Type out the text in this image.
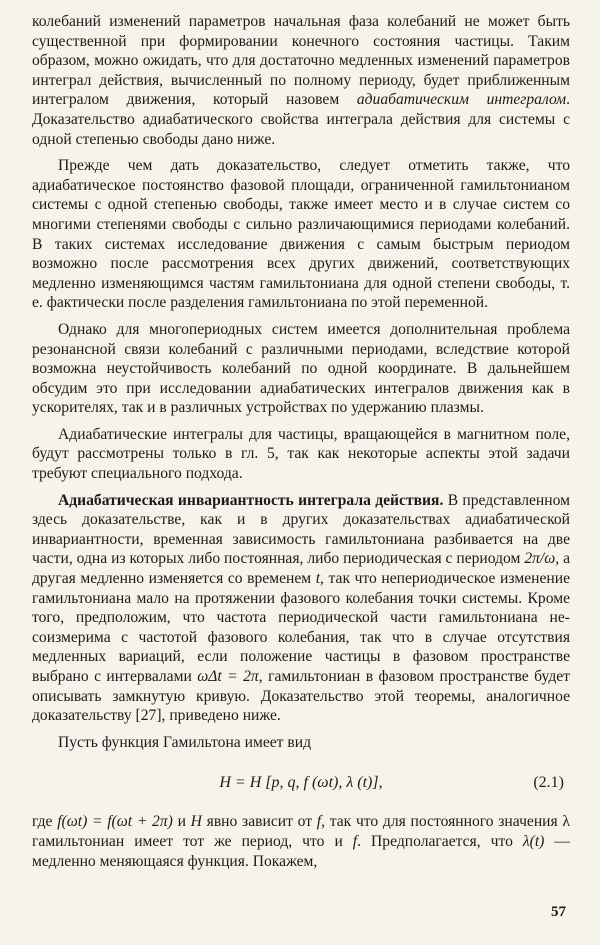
колебаний изменений параметров начальная фаза колебаний не может быть существенной при формировании конечного состояния частицы. Таким образом, можно ожидать, что для достаточно медленных изменений параметров интеграл действия, вычисленный по полному периоду, будет приближенным интегралом движения, который назовем адиабатическим интегралом. Доказательство адиабатического свойства интеграла действия для системы с одной степенью свободы дано ниже.

Прежде чем дать доказательство, следует отметить также, что адиабатическое постоянство фазовой площади, ограниченной гамильтонианом системы с одной степенью свободы, также имеет место и в случае систем со многими степенями свободы с сильно различающимися периодами колебаний. В таких системах исследование движения с самым быстрым периодом возможно после рассмотрения всех других движений, соответствующих медленно изменяющимся частям гамильтониана для одной степени свободы, т. е. фактически после разделения гамильтониана по этой переменной.

Однако для многопериодных систем имеется дополнительная проблема резонансной связи колебаний с различными периодами, вследствие которой возможна неустойчивость колебаний по одной координате. В дальнейшем обсудим это при исследовании адиабатических интегралов движения как в ускорителях, так и в различных устройствах по удержанию плазмы.

Адиабатические интегралы для частицы, вращающейся в магнитном поле, будут рассмотрены только в гл. 5, так как некоторые аспекты этой задачи требуют специального подхода.

Адиабатическая инвариантность интеграла действия. В представленном здесь доказательстве, как и в других доказательствах адиабатической инвариантности, временная зависимость гамильтониана разбивается на две части, одна из которых либо постоянная, либо периодическая с периодом 2π/ω, а другая медленно изменяется со временем t, так что непериодическое изменение гамильтониана мало на протяжении фазового колебания точки системы. Кроме того, предположим, что частота периодической части гамильтониана несоизмерима с частотой фазового колебания, так что в случае отсутствия медленных вариаций, если положение частицы в фазовом пространстве выбрано с интервалами ωΔt = 2π, гамильтониан в фазовом пространстве будет описывать замкнутую кривую. Доказательство этой теоремы, аналогичное доказательству [27], приведено ниже.

Пусть функция Гамильтона имеет вид

H = H [p, q, f (ωt), λ (t)],	(2.1)

где f(ωt) = f(ωt + 2π) и H явно зависит от f, так что для постоянного значения λ гамильтониан имеет тот же период, что и f. Предполагается, что λ(t) — медленно меняющаяся функция. Покажем,

57
